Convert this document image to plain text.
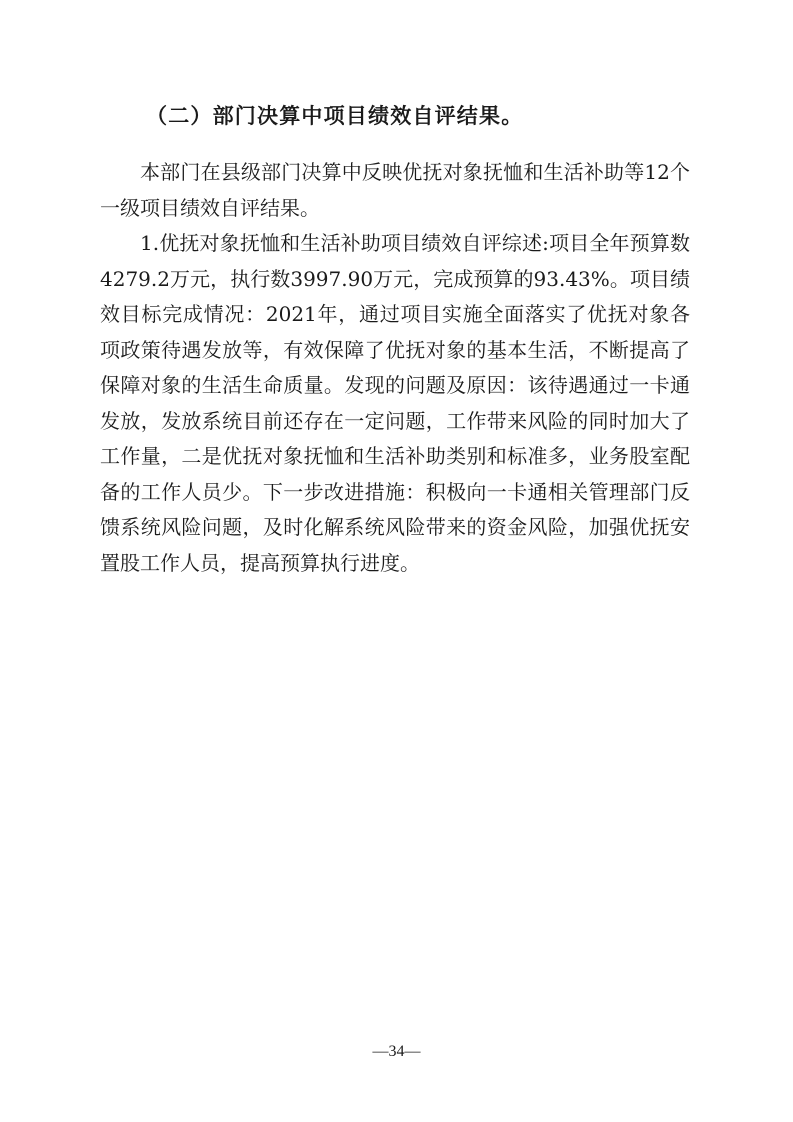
（二）部门决算中项目绩效自评结果。

本部门在县级部门决算中反映优抚对象抚恤和生活补助等12个一级项目绩效自评结果。

1.优抚对象抚恤和生活补助项目绩效自评综述:项目全年预算数4279.2万元，执行数3997.90万元，完成预算的93.43%。项目绩效目标完成情况：2021年，通过项目实施全面落实了优抚对象各项政策待遇发放等，有效保障了优抚对象的基本生活，不断提高了保障对象的生活生命质量。发现的问题及原因：该待遇通过一卡通发放，发放系统目前还存在一定问题，工作带来风险的同时加大了工作量，二是优抚对象抚恤和生活补助类别和标准多，业务股室配备的工作人员少。下一步改进措施：积极向一卡通相关管理部门反馈系统风险问题，及时化解系统风险带来的资金风险，加强优抚安置股工作人员，提高预算执行进度。

—34—
